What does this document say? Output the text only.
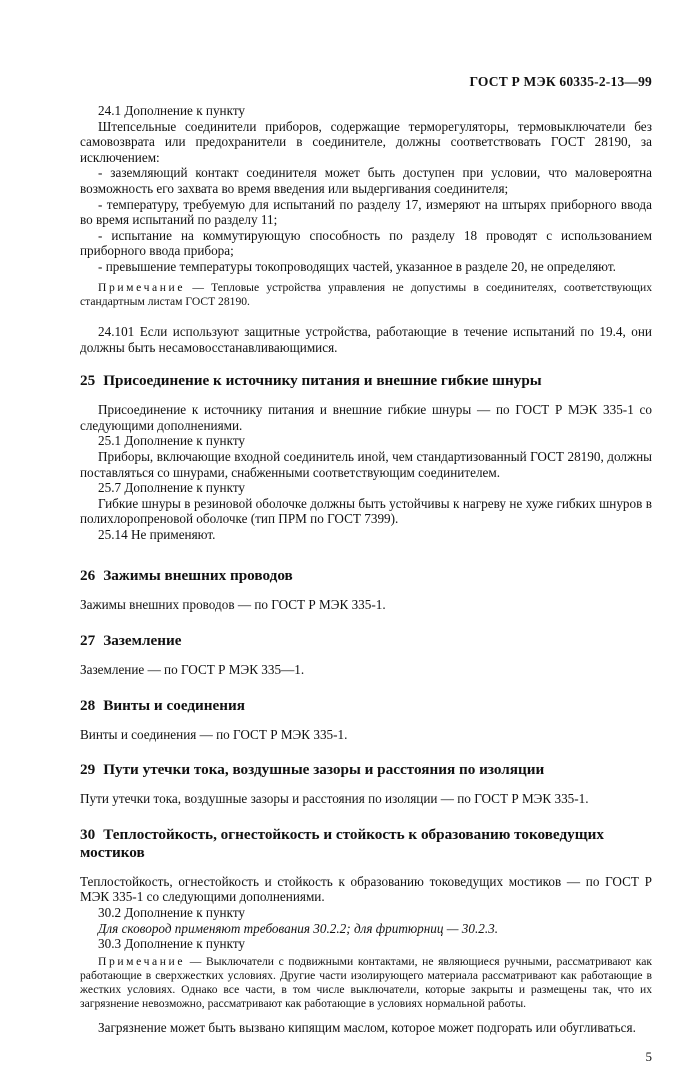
ГОСТ Р МЭК 60335-2-13—99

24.1 Дополнение к пункту

Штепсельные соединители приборов, содержащие терморегуляторы, термовыключатели без самовозврата или предохранители в соединителе, должны соответствовать ГОСТ 28190, за исключением:

- заземляющий контакт соединителя может быть доступен при условии, что маловероятна возможность его захвата во время введения или выдергивания соединителя;

- температуру, требуемую для испытаний по разделу 17, измеряют на штырях приборного ввода во время испытаний по разделу 11;

- испытание на коммутирующую способность по разделу 18 проводят с использованием приборного ввода прибора;

- превышение температуры токопроводящих частей, указанное в разделе 20, не определяют.

Примечание — Тепловые устройства управления не допустимы в соединителях, соответствующих стандартным листам ГОСТ 28190.

24.101 Если используют защитные устройства, работающие в течение испытаний по 19.4, они должны быть несамовосстанавливающимися.

25 Присоединение к источнику питания и внешние гибкие шнуры

Присоединение к источнику питания и внешние гибкие шнуры — по ГОСТ Р МЭК 335-1 со следующими дополнениями.

25.1 Дополнение к пункту

Приборы, включающие входной соединитель иной, чем стандартизованный ГОСТ 28190, должны поставляться со шнурами, снабженными соответствующим соединителем.

25.7 Дополнение к пункту

Гибкие шнуры в резиновой оболочке должны быть устойчивы к нагреву не хуже гибких шнуров в полихлоропреновой оболочке (тип ПРМ по ГОСТ 7399).

25.14 Не применяют.

26 Зажимы внешних проводов

Зажимы внешних проводов — по ГОСТ Р МЭК 335-1.

27 Заземление

Заземление — по ГОСТ Р МЭК 335—1.

28 Винты и соединения

Винты и соединения — по ГОСТ Р МЭК 335-1.

29 Пути утечки тока, воздушные зазоры и расстояния по изоляции

Пути утечки тока, воздушные зазоры и расстояния по изоляции — по ГОСТ Р МЭК 335-1.

30 Теплостойкость, огнестойкость и стойкость к образованию токоведущих мостиков

Теплостойкость, огнестойкость и стойкость к образованию токоведущих мостиков — по ГОСТ Р МЭК 335-1 со следующими дополнениями.

30.2 Дополнение к пункту

Для сковород применяют требования 30.2.2; для фритюрниц — 30.2.3.

30.3 Дополнение к пункту

Примечание — Выключатели с подвижными контактами, не являющиеся ручными, рассматривают как работающие в сверхжестких условиях. Другие части изолирующего материала рассматривают как работающие в жестких условиях. Однако все части, в том числе выключатели, которые закрыты и размещены так, что их загрязнение невозможно, рассматривают как работающие в условиях нормальной работы.

Загрязнение может быть вызвано кипящим маслом, которое может подгорать или обугливаться.

5
